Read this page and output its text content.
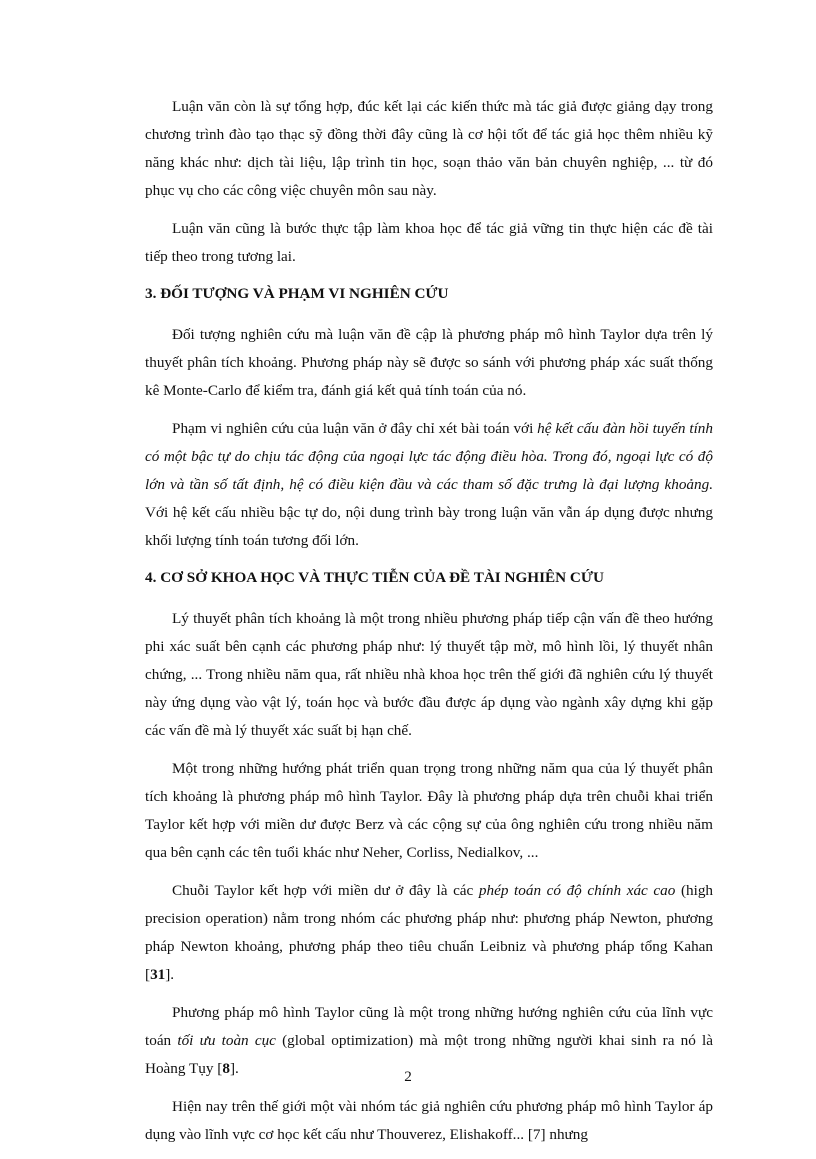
Luận văn còn là sự tổng hợp, đúc kết lại các kiến thức mà tác giả được giảng dạy trong chương trình đào tạo thạc sỹ đồng thời đây cũng là cơ hội tốt để tác giả học thêm nhiều kỹ năng khác như: dịch tài liệu, lập trình tin học, soạn thảo văn bản chuyên nghiệp, ... từ đó phục vụ cho các công việc chuyên môn sau này.

Luận văn cũng là bước thực tập làm khoa học để tác giả vững tin thực hiện các đề tài tiếp theo trong tương lai.

3. ĐỐI TƯỢNG VÀ PHẠM VI NGHIÊN CỨU

Đối tượng nghiên cứu mà luận văn đề cập là phương pháp mô hình Taylor dựa trên lý thuyết phân tích khoảng. Phương pháp này sẽ được so sánh với phương pháp xác suất thống kê Monte-Carlo để kiểm tra, đánh giá kết quả tính toán của nó.

Phạm vi nghiên cứu của luận văn ở đây chỉ xét bài toán với hệ kết cấu đàn hồi tuyến tính có một bậc tự do chịu tác động của ngoại lực tác động điều hòa. Trong đó, ngoại lực có độ lớn và tần số tất định, hệ có điều kiện đầu và các tham số đặc trưng là đại lượng khoảng. Với hệ kết cấu nhiều bậc tự do, nội dung trình bày trong luận văn vẫn áp dụng được nhưng khối lượng tính toán tương đối lớn.

4. CƠ SỞ KHOA HỌC VÀ THỰC TIỄN CỦA ĐỀ TÀI NGHIÊN CỨU

Lý thuyết phân tích khoảng là một trong nhiều phương pháp tiếp cận vấn đề theo hướng phi xác suất bên cạnh các phương pháp như: lý thuyết tập mờ, mô hình lồi, lý thuyết nhân chứng, ... Trong nhiều năm qua, rất nhiều nhà khoa học trên thế giới đã nghiên cứu lý thuyết này ứng dụng vào vật lý, toán học và bước đầu được áp dụng vào ngành xây dựng khi gặp các vấn đề mà lý thuyết xác suất bị hạn chế.

Một trong những hướng phát triển quan trọng trong những năm qua của lý thuyết phân tích khoảng là phương pháp mô hình Taylor. Đây là phương pháp dựa trên chuỗi khai triển Taylor kết hợp với miền dư được Berz và các cộng sự của ông nghiên cứu trong nhiều năm qua bên cạnh các tên tuổi khác như Neher, Corliss, Nedialkov, ...

Chuỗi Taylor kết hợp với miền dư ở đây là các phép toán có độ chính xác cao (high precision operation) nằm trong nhóm các phương pháp như: phương pháp Newton, phương pháp Newton khoảng, phương pháp theo tiêu chuẩn Leibniz và phương pháp tổng Kahan [31].

Phương pháp mô hình Taylor cũng là một trong những hướng nghiên cứu của lĩnh vực toán tối ưu toàn cục (global optimization) mà một trong những người khai sinh ra nó là Hoàng Tụy [8].

Hiện nay trên thế giới một vài nhóm tác giả nghiên cứu phương pháp mô hình Taylor áp dụng vào lĩnh vực cơ học kết cấu như Thouverez, Elishakoff... [7] nhưng

2
